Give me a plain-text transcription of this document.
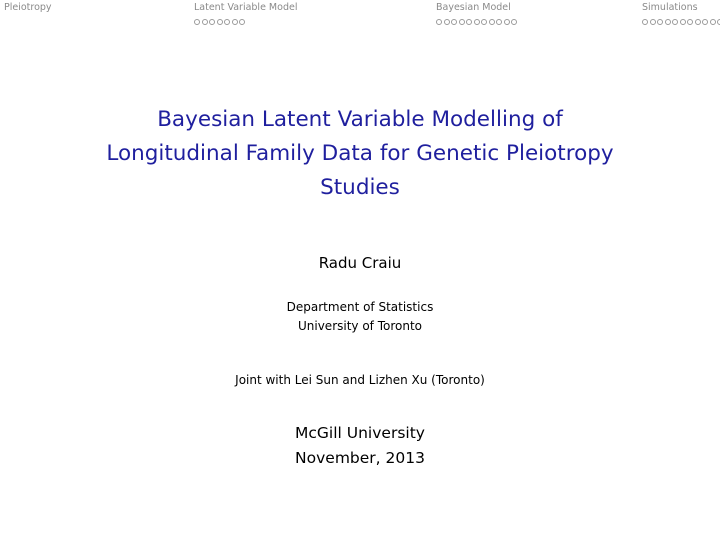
Pleiotropy	Latent Variable Model	Bayesian Model	Simulations
Bayesian Latent Variable Modelling of
Longitudinal Family Data for Genetic Pleiotropy
Studies
Radu Craiu
Department of Statistics
University of Toronto
Joint with Lei Sun and Lizhen Xu (Toronto)
McGill University
November, 2013
